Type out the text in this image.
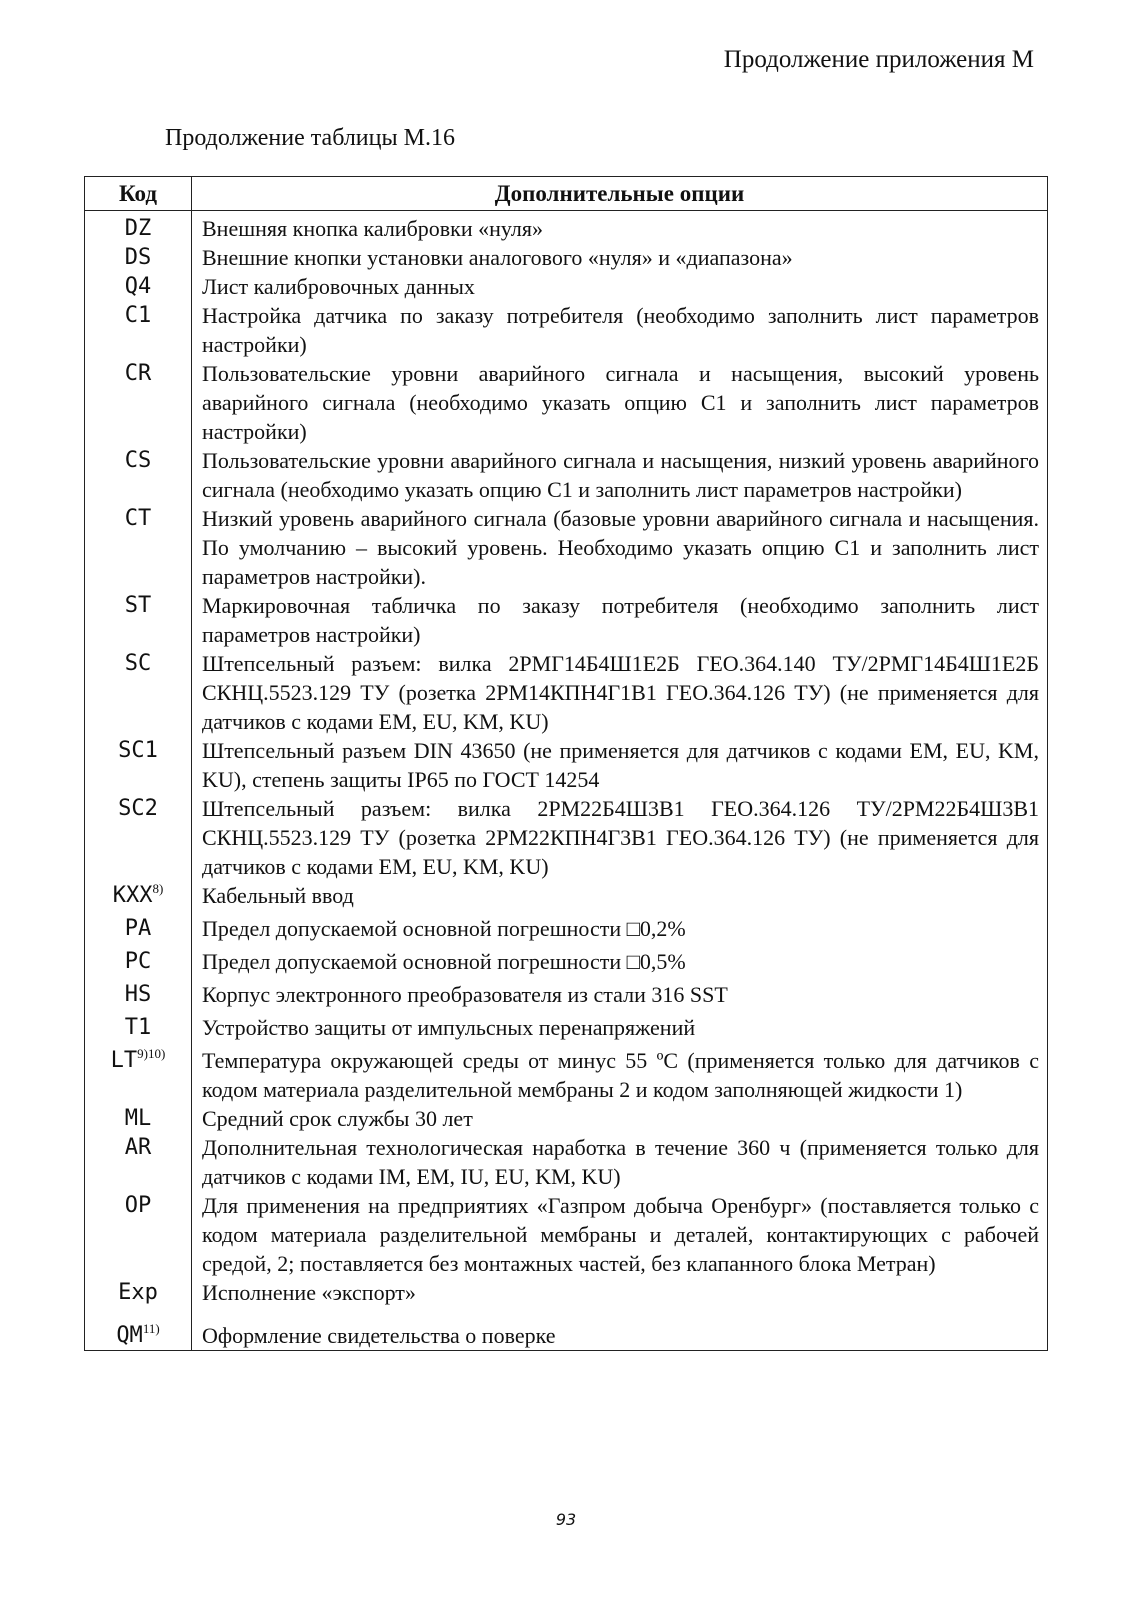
Продолжение приложения М
Продолжение таблицы М.16
Код	Дополнительные опции
DZ	Внешняя кнопка калибровки «нуля»
DS	Внешние кнопки установки аналогового «нуля» и «диапазона»
Q4	Лист калибровочных данных
C1	Настройка датчика по заказу потребителя (необходимо заполнить лист параметров настройки)
CR	Пользовательские уровни аварийного сигнала и насыщения, высокий уровень аварийного сигнала (необходимо указать опцию С1 и заполнить лист параметров настройки)
CS	Пользовательские уровни аварийного сигнала и насыщения, низкий уровень аварийного сигнала (необходимо указать опцию С1 и заполнить лист параметров настройки)
CT	Низкий уровень аварийного сигнала (базовые уровни аварийного сигнала и насыщения. По умолчанию – высокий уровень. Необходимо указать опцию С1 и заполнить лист параметров настройки).
ST	Маркировочная табличка по заказу потребителя (необходимо заполнить лист параметров настройки)
SC	Штепсельный разъем: вилка 2РМГ14Б4Ш1Е2Б ГЕО.364.140 ТУ/2РМГ14Б4Ш1Е2Б СКНЦ.5523.129 ТУ (розетка 2РМ14КПН4Г1В1 ГЕО.364.126 ТУ) (не применяется для датчиков с кодами EM, EU, KM, KU)
SC1	Штепсельный разъем DIN 43650 (не применяется для датчиков с кодами EM, EU, KM, KU), степень защиты IP65 по ГОСТ 14254
SC2	Штепсельный разъем: вилка 2РМ22Б4Ш3В1 ГЕО.364.126 ТУ/2РМ22Б4Ш3В1 СКНЦ.5523.129 ТУ (розетка 2РМ22КПН4Г3В1 ГЕО.364.126 ТУ) (не применяется для датчиков с кодами EM, EU, KM, KU)
KXX$^{8)}$	Кабельный ввод
PA	Предел допускаемой основной погрешности □0,2%
PC	Предел допускаемой основной погрешности □0,5%
HS	Корпус электронного преобразователя из стали 316 SST
T1	Устройство защиты от импульсных перенапряжений
$LT^{9)10)}$	Температура окружающей среды от минус 55 ºС (применяется только для датчиков с кодом материала разделительной мембраны 2 и кодом заполняющей жидкости 1)
ML	Средний срок службы 30 лет
AR	Дополнительная технологическая наработка в течение 360 ч (применяется только для датчиков с кодами IM, EM, IU, EU, KM, KU)
OP	Для применения на предприятиях «Газпром добыча Оренбург» (поставляется только с кодом материала разделительной мембраны и деталей, контактирующих с рабочей средой, 2; поставляется без монтажных частей, без клапанного блока Метран)
Exp	Исполнение «экспорт»
QM$^{11)}$	Оформление свидетельства о поверке
93
